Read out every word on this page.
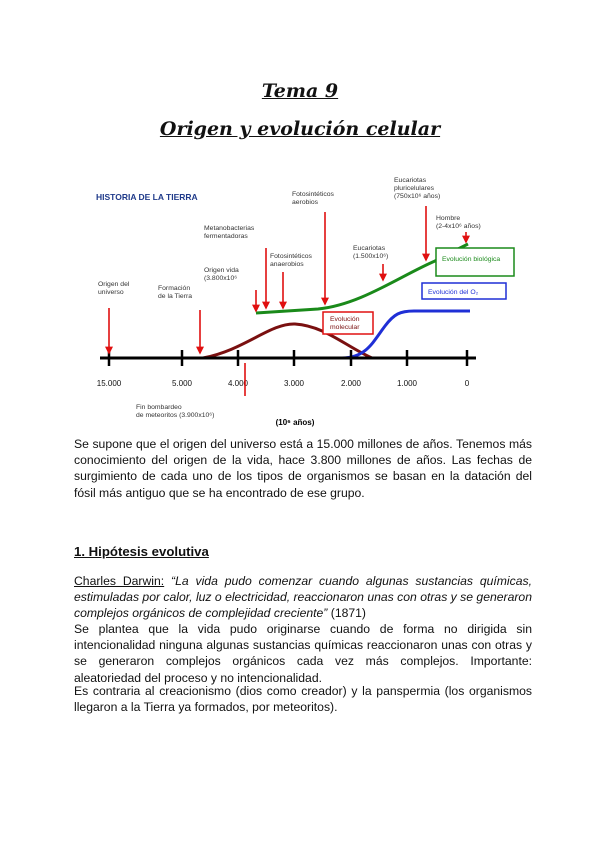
Tema 9
Origen y evolución celular
HISTORIA DE LA TIERRA
15.000	5.000	4.000	3.000	2.000	1.000	0
(10⁶ años)
Origen del universo
Formación de la Tierra
Origen vida (3.800x10⁶
Metanobacterias fermentadoras
Fotosintéticos anaerobios
Fotosintéticos aerobios
Eucariotas (1.500x10⁶)
Eucariotas pluricelulares (750x10⁶ años)
Hombre (2-4x10⁶ años)
Fin bombardeo de meteoritos (3.900x10⁶)
Evolución biológica
Evolución del O₂
Evolución molecular

Se supone que el origen del universo está a 15.000 millones de años. Tenemos más conocimiento del origen de la vida, hace 3.800 millones de años. Las fechas de surgimiento de cada uno de los tipos de organismos se basan en la datación del fósil más antiguo que se ha encontrado de ese grupo.

1. Hipótesis evolutiva

Charles Darwin: “La vida pudo comenzar cuando algunas sustancias químicas, estimuladas por calor, luz o electricidad, reaccionaron unas con otras y se generaron complejos orgánicos de complejidad creciente” (1871)

Se plantea que la vida pudo originarse cuando de forma no dirigida sin intencionalidad ninguna algunas sustancias químicas reaccionaron unas con otras y se generaron complejos orgánicos cada vez más complejos. Importante: aleatoriedad del proceso y no intencionalidad.

Es contraria al creacionismo (dios como creador) y la panspermia (los organismos llegaron a la Tierra ya formados, por meteoritos).
